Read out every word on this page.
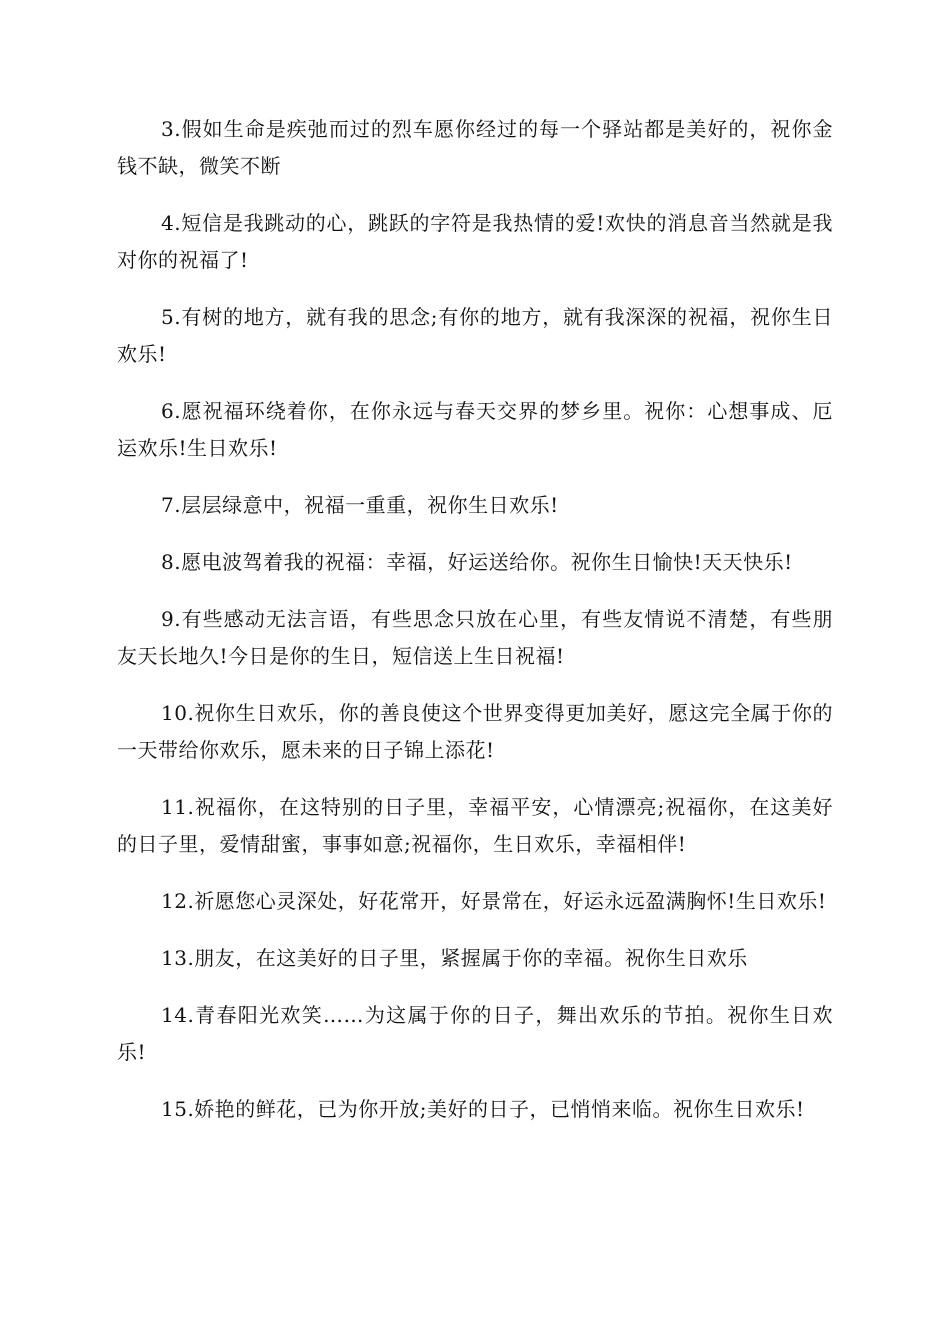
3.假如生命是疾弛而过的烈车愿你经过的每一个驿站都是美好的，祝你金钱不缺，微笑不断

4.短信是我跳动的心，跳跃的字符是我热情的爱!欢快的消息音当然就是我对你的祝福了!

5.有树的地方，就有我的思念;有你的地方，就有我深深的祝福，祝你生日欢乐!

6.愿祝福环绕着你，在你永远与春天交界的梦乡里。祝你：心想事成、厄运欢乐!生日欢乐!

7.层层绿意中，祝福一重重，祝你生日欢乐!

8.愿电波驾着我的祝福：幸福，好运送给你。祝你生日愉快!天天快乐!

9.有些感动无法言语，有些思念只放在心里，有些友情说不清楚，有些朋友天长地久!今日是你的生日，短信送上生日祝福!

10.祝你生日欢乐，你的善良使这个世界变得更加美好，愿这完全属于你的一天带给你欢乐，愿未来的日子锦上添花!

11.祝福你，在这特别的日子里，幸福平安，心情漂亮;祝福你，在这美好的日子里，爱情甜蜜，事事如意;祝福你，生日欢乐，幸福相伴!

12.祈愿您心灵深处，好花常开，好景常在，好运永远盈满胸怀!生日欢乐!

13.朋友，在这美好的日子里，紧握属于你的幸福。祝你生日欢乐

14.青春阳光欢笑……为这属于你的日子，舞出欢乐的节拍。祝你生日欢乐!

15.娇艳的鲜花，已为你开放;美好的日子，已悄悄来临。祝你生日欢乐!
